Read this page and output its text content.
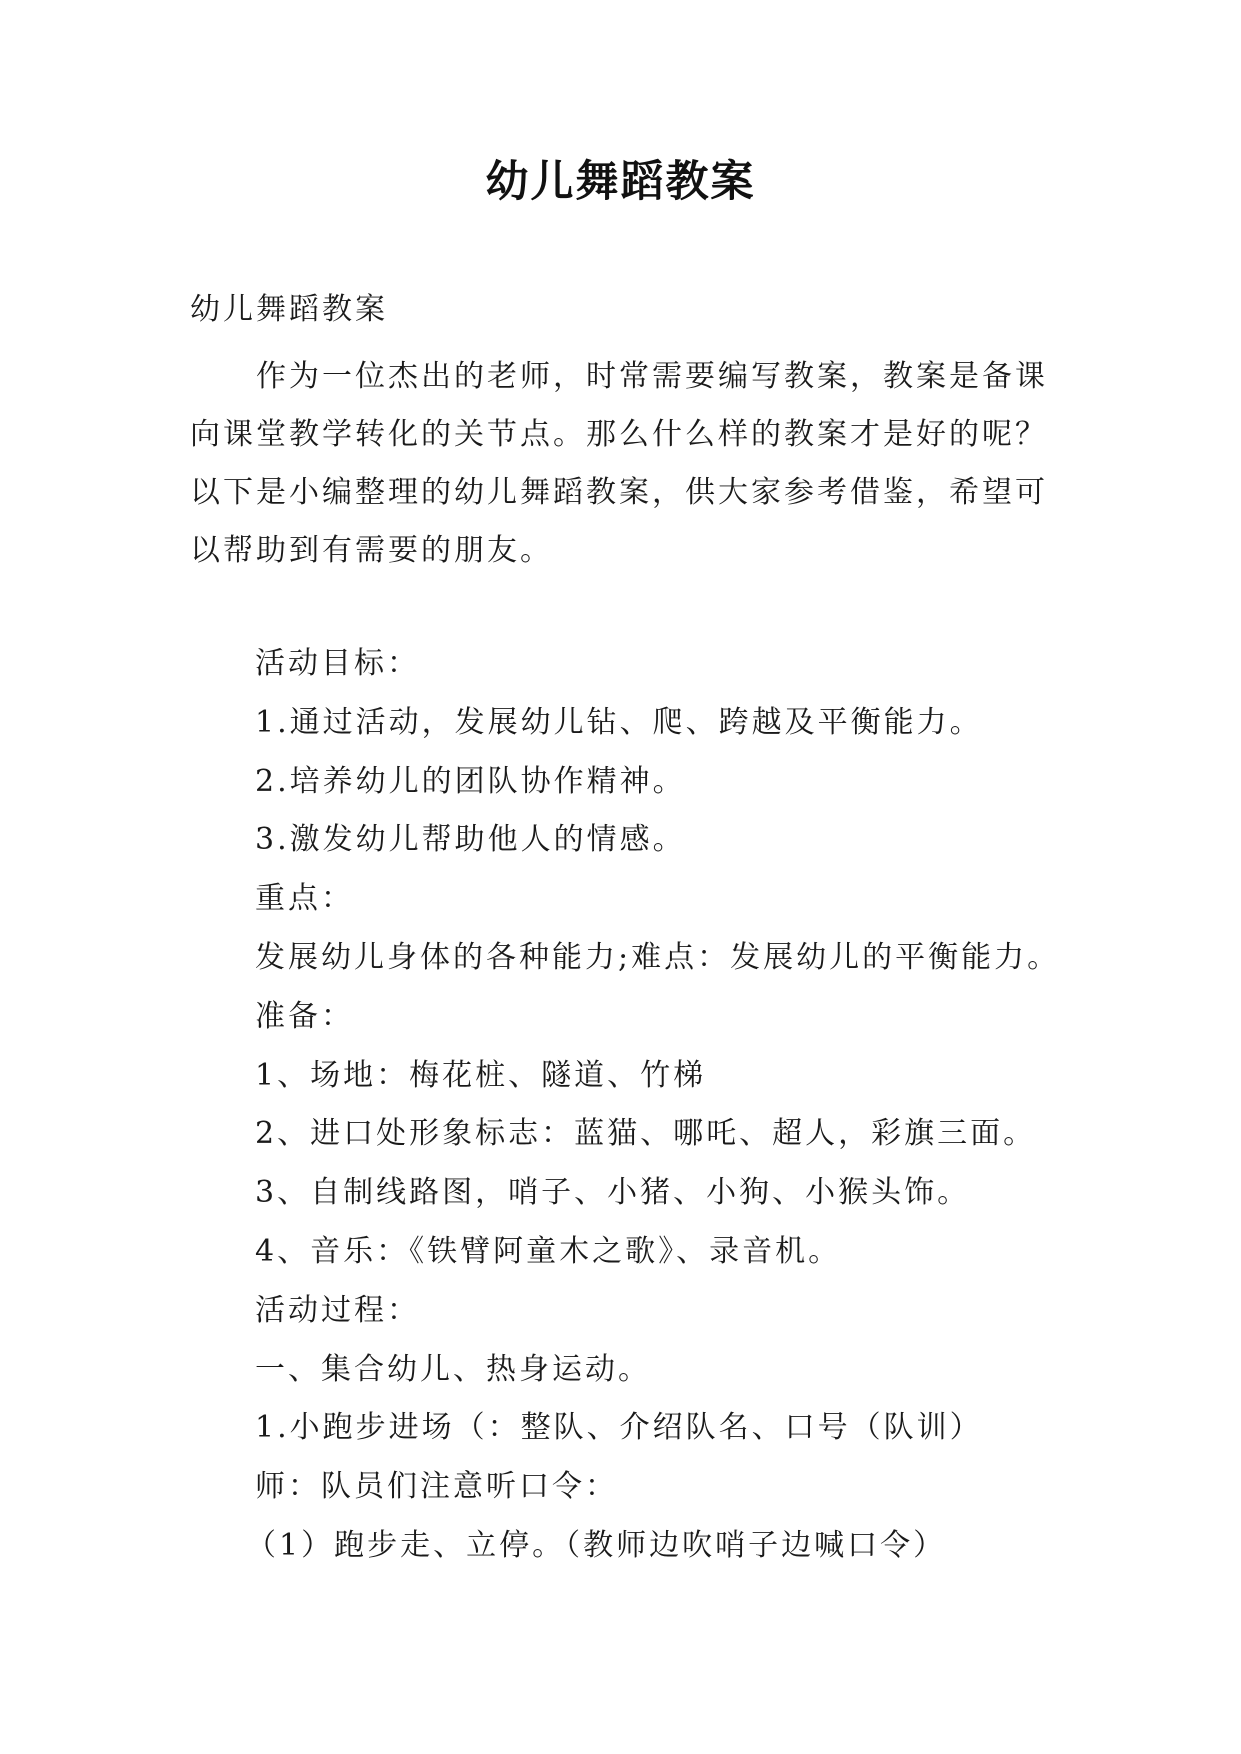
幼儿舞蹈教案
幼儿舞蹈教案
作为一位杰出的老师，时常需要编写教案，教案是备课
向课堂教学转化的关节点。那么什么样的教案才是好的呢？
以下是小编整理的幼儿舞蹈教案，供大家参考借鉴，希望可
以帮助到有需要的朋友。
活动目标：
1.通过活动，发展幼儿钻、爬、跨越及平衡能力。
2.培养幼儿的团队协作精神。
3.激发幼儿帮助他人的情感。
重点：
发展幼儿身体的各种能力;难点：发展幼儿的平衡能力。
准备：
1、场地：梅花桩、隧道、竹梯
2、进口处形象标志：蓝猫、哪吒、超人，彩旗三面。
3、自制线路图，哨子、小猪、小狗、小猴头饰。
4、音乐：《铁臂阿童木之歌》、录音机。
活动过程：
一、集合幼儿、热身运动。
1.小跑步进场（：整队、介绍队名、口号（队训）
师：队员们注意听口令：
（1）跑步走、立停。（教师边吹哨子边喊口令）
